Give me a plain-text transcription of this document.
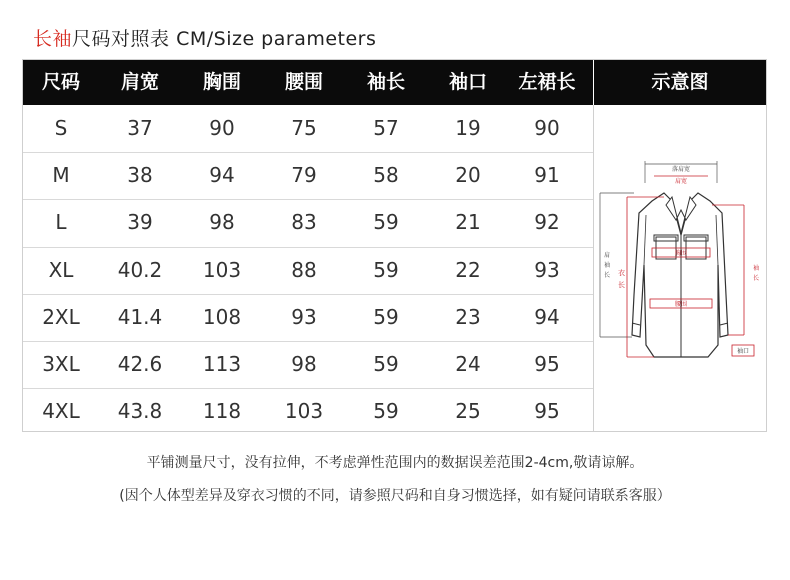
长袖尺码对照表 CM/Size parameters
尺码	肩宽	胸围	腰围	袖长	袖口	左裙长	示意图
S	37	90	75	57	19	90
M	38	94	79	58	20	91
L	39	98	83	59	21	92
XL	40.2	103	88	59	22	93
2XL	41.4	108	93	59	23	94
3XL	42.6	113	98	59	24	95
4XL	43.8	118	103	59	25	95
落肩宽
肩宽
肩
袖
长 衣
长
胸围
腰围
袖
长
袖口
平铺测量尺寸，没有拉伸，不考虑弹性范围内的数据误差范围2-4cm,敬请谅解。
(因个人体型差异及穿衣习惯的不同，请参照尺码和自身习惯选择，如有疑问请联系客服）
